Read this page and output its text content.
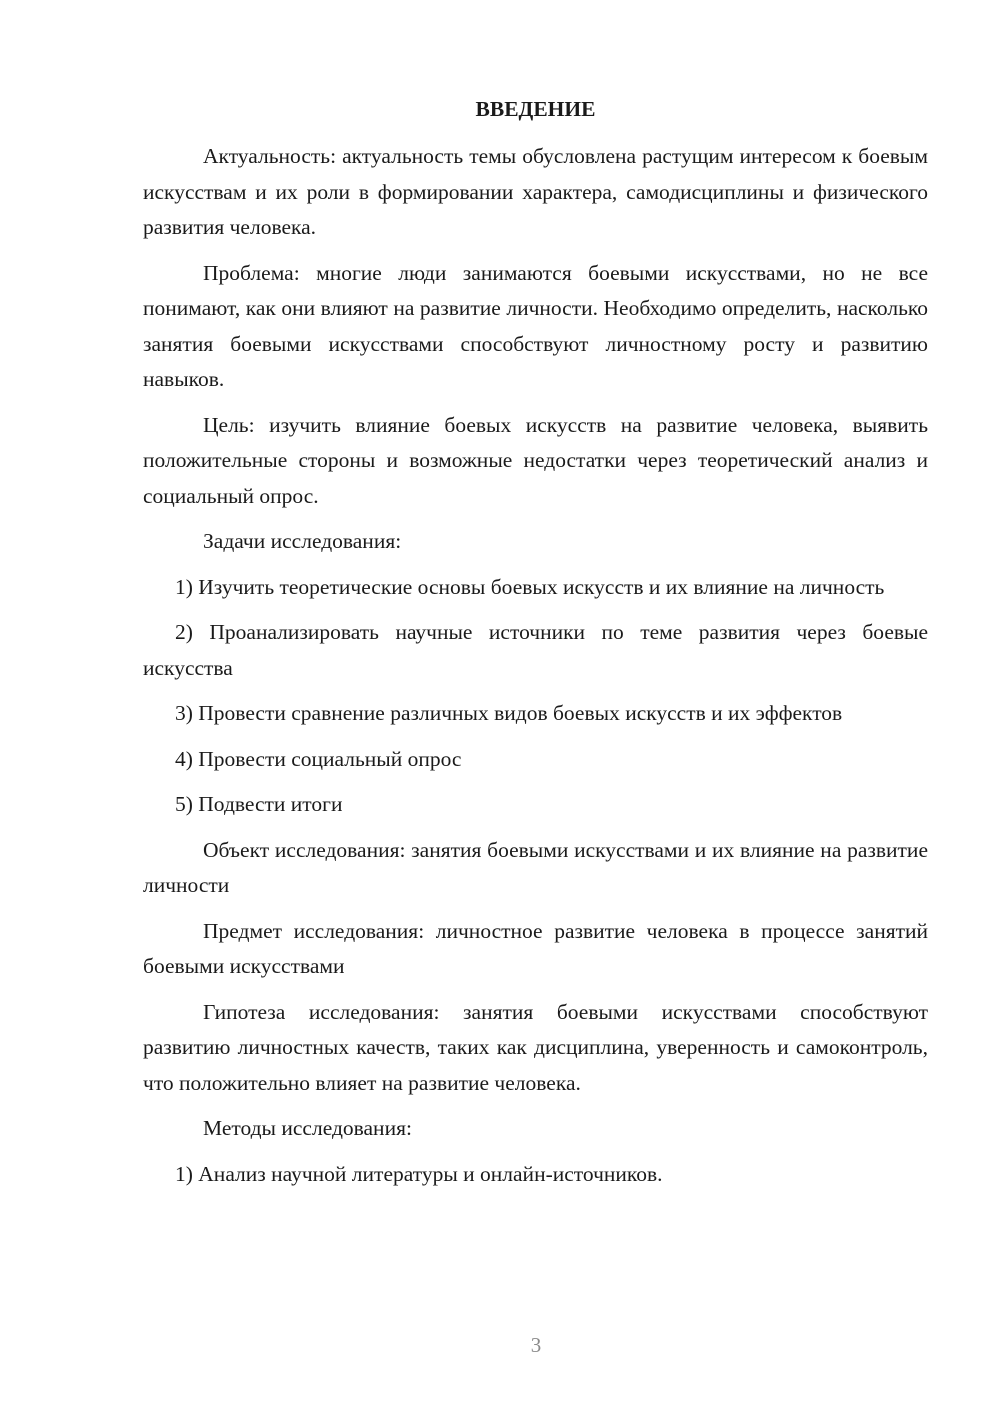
ВВЕДЕНИЕ

Актуальность: актуальность темы обусловлена растущим интересом к боевым искусствам и их роли в формировании характера, самодисциплины и физического развития человека.

Проблема: многие люди занимаются боевыми искусствами, но не все понимают, как они влияют на развитие личности. Необходимо определить, насколько занятия боевыми искусствами способствуют личностному росту и развитию навыков.

Цель: изучить влияние боевых искусств на развитие человека, выявить положительные стороны и возможные недостатки через теоретический анализ и социальный опрос.

Задачи исследования:

1) Изучить теоретические основы боевых искусств и их влияние на личность

2) Проанализировать научные источники по теме развития через боевые искусства

3) Провести сравнение различных видов боевых искусств и их эффектов

4) Провести социальный опрос

5) Подвести итоги

Объект исследования: занятия боевыми искусствами и их влияние на развитие личности

Предмет исследования: личностное развитие человека в процессе занятий боевыми искусствами

Гипотеза исследования: занятия боевыми искусствами способствуют развитию личностных качеств, таких как дисциплина, уверенность и самоконтроль, что положительно влияет на развитие человека.

Методы исследования:

1) Анализ научной литературы и онлайн-источников.

3
